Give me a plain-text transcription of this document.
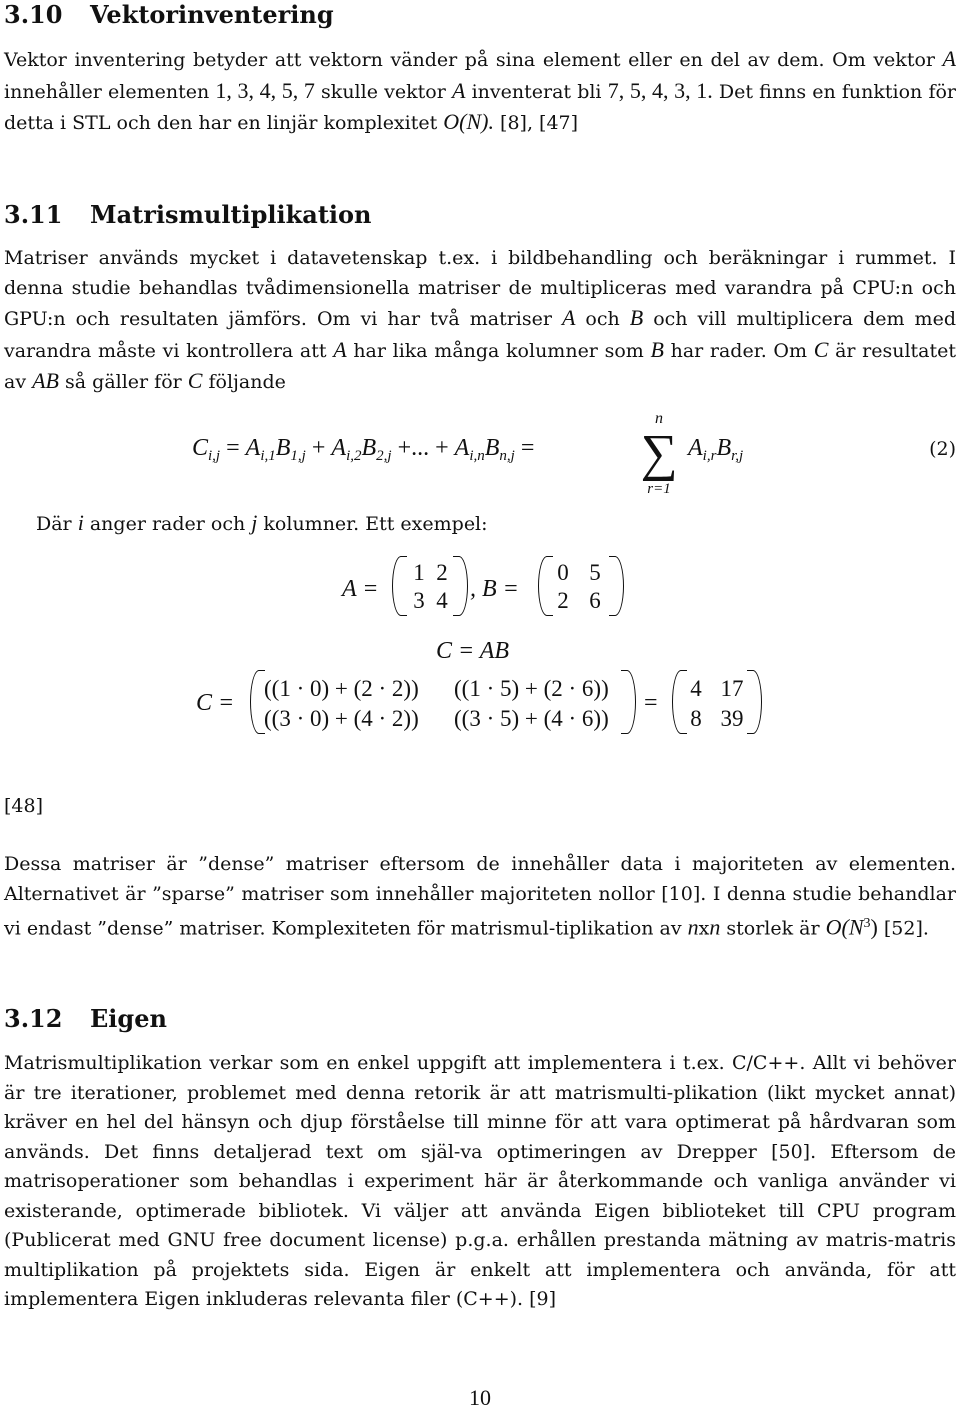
3.10 Vektorinventering

Vektor inventering betyder att vektorn vänder på sina element eller en del av dem. Om vektor A innehåller elementen 1, 3, 4, 5, 7 skulle vektor A inventerat bli 7, 5, 4, 3, 1. Det finns en funktion för detta i STL och den har en linjär komplexitet O(N). [8], [47]

3.11 Matrismultiplikation

Matriser används mycket i datavetenskap t.ex. i bildbehandling och beräkningar i rummet. I denna studie behandlas tvådimensionella matriser de multipliceras med varandra på CPU:n och GPU:n och resultaten jämförs. Om vi har två matriser A och B och vill multiplicera dem med varandra måste vi kontrollera att A har lika många kolumner som B har rader. Om C är resultatet av AB så gäller för C följande

$C_{i,j} = A_{i,1}B_{1,j} + A_{i,2}B_{2,j}$ +... + $A_{i,n}B_{n,j}$ =
n
∑
r=1
$A_{i,r}B_{r,j}$	(2)

Där i anger rader och j kolumner. Ett exempel:

A =
1 2
3 4 , B =
0 5
2 6
C = AB
C =
((1 · 0) + (2 · 2))	((1 · 5) + (2 · 6))
((3 · 0) + (4 · 2))	((3 · 5) + (4 · 6))
=
4 17
8 39

[48]

Dessa matriser är ”dense” matriser eftersom de innehåller data i majoriteten av elementen. Alternativet är ”sparse” matriser som innehåller majoriteten nollor [10]. I denna studie behandlar vi endast ”dense” matriser. Komplexiteten för matrismul-tiplikation av nxn storlek är $O(N^3)$ [52].

3.12 Eigen

Matrismultiplikation verkar som en enkel uppgift att implementera i t.ex. C/C++. Allt vi behöver är tre iterationer, problemet med denna retorik är att matrismulti-plikation (likt mycket annat) kräver en hel del hänsyn och djup förståelse till minne för att vara optimerat på hårdvaran som används. Det finns detaljerad text om själ-va optimeringen av Drepper [50]. Eftersom de matrisoperationer som behandlas i experiment här är återkommande och vanliga använder vi existerande, optimerade bibliotek. Vi väljer att använda Eigen biblioteket till CPU program (Publicerat med GNU free document license) p.g.a. erhållen prestanda mätning av matris-matris multiplikation på projektets sida. Eigen är enkelt att implementera och använda, för att implementera Eigen inkluderas relevanta filer (C++). [9]

10
